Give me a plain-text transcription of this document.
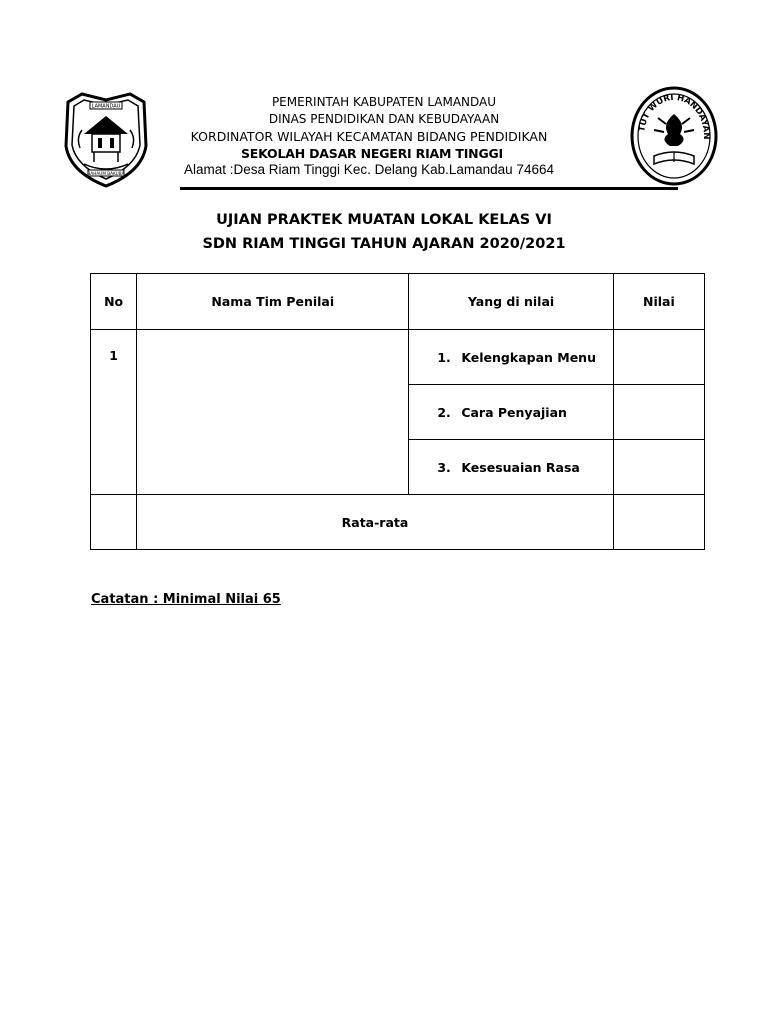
LAMANDAU
BAHAUM BAKUBA
TUT WURI HANDAYAN
PEMERINTAH KABUPATEN LAMANDAU
DINAS PENDIDIKAN DAN KEBUDAYAAN
KORDINATOR WILAYAH KECAMATAN BIDANG PENDIDIKAN
SEKOLAH DASAR NEGERI RIAM TINGGI
Alamat :Desa Riam Tinggi Kec. Delang Kab.Lamandau 74664
UJIAN PRAKTEK MUATAN LOKAL KELAS VI
SDN RIAM TINGGI TAHUN AJARAN 2020/2021
No	Nama Tim Penilai	Yang di nilai	Nilai
1		1. Kelengkapan Menu	
		2. Cara Penyajian	
		3. Kesesuaian Rasa	
	Rata-rata		
Catatan : Minimal Nilai 65
